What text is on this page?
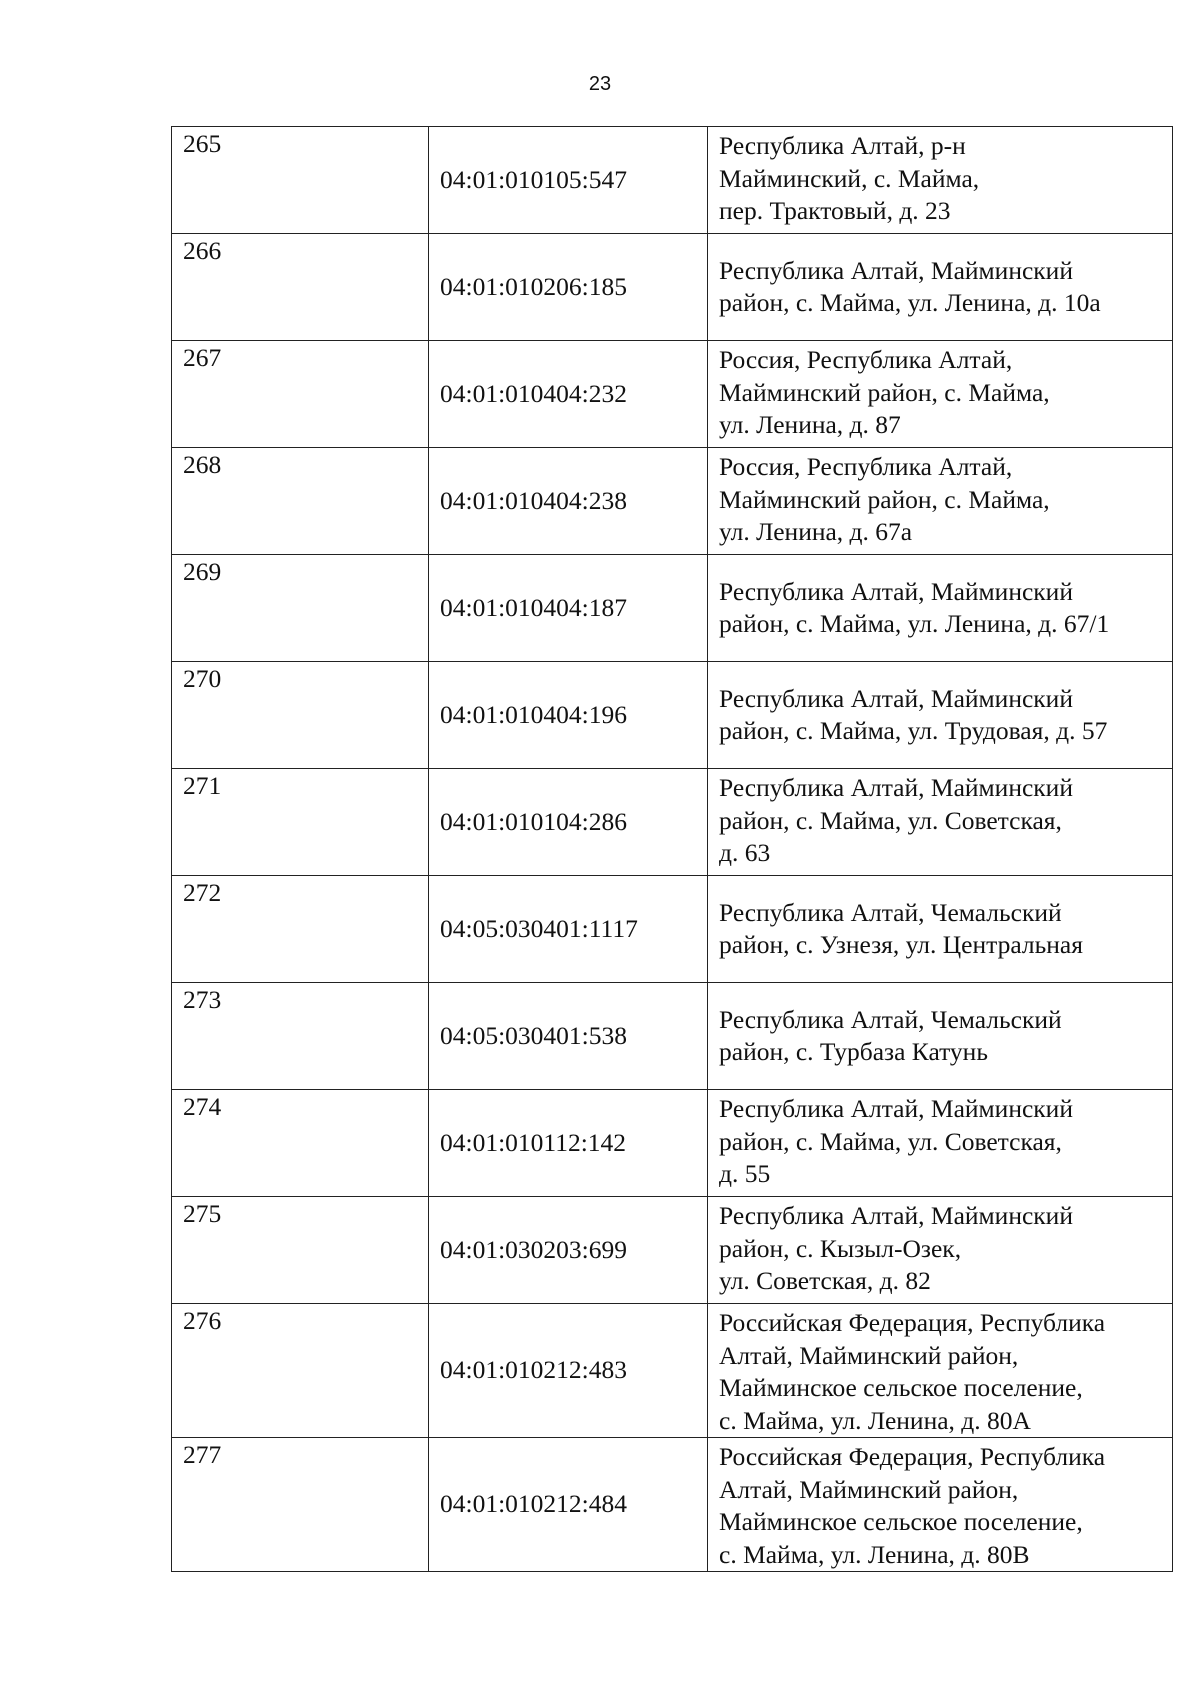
23
265	04:01:010105:547	Республика Алтай, р-н
Майминский, с. Майма,
пер. Трактовый, д. 23
266	04:01:010206:185	Республика Алтай, Майминский
район, с. Майма, ул. Ленина, д. 10а
267	04:01:010404:232	Россия, Республика Алтай,
Майминский район, с. Майма,
ул. Ленина, д. 87
268	04:01:010404:238	Россия, Республика Алтай,
Майминский район, с. Майма,
ул. Ленина, д. 67а
269	04:01:010404:187	Республика Алтай, Майминский
район, с. Майма, ул. Ленина, д. 67/1
270	04:01:010404:196	Республика Алтай, Майминский
район, с. Майма, ул. Трудовая, д. 57
271	04:01:010104:286	Республика Алтай, Майминский
район, с. Майма, ул. Советская,
д. 63
272	04:05:030401:1117	Республика Алтай, Чемальский
район, с. Узнезя, ул. Центральная
273	04:05:030401:538	Республика Алтай, Чемальский
район, с. Турбаза Катунь
274	04:01:010112:142	Республика Алтай, Майминский
район, с. Майма, ул. Советская,
д. 55
275	04:01:030203:699	Республика Алтай, Майминский
район, с. Кызыл-Озек,
ул. Советская, д. 82
276	04:01:010212:483	Российская Федерация, Республика
Алтай, Майминский район,
Майминское сельское поселение,
с. Майма, ул. Ленина, д. 80А
277	04:01:010212:484	Российская Федерация, Республика
Алтай, Майминский район,
Майминское сельское поселение,
с. Майма, ул. Ленина, д. 80В
